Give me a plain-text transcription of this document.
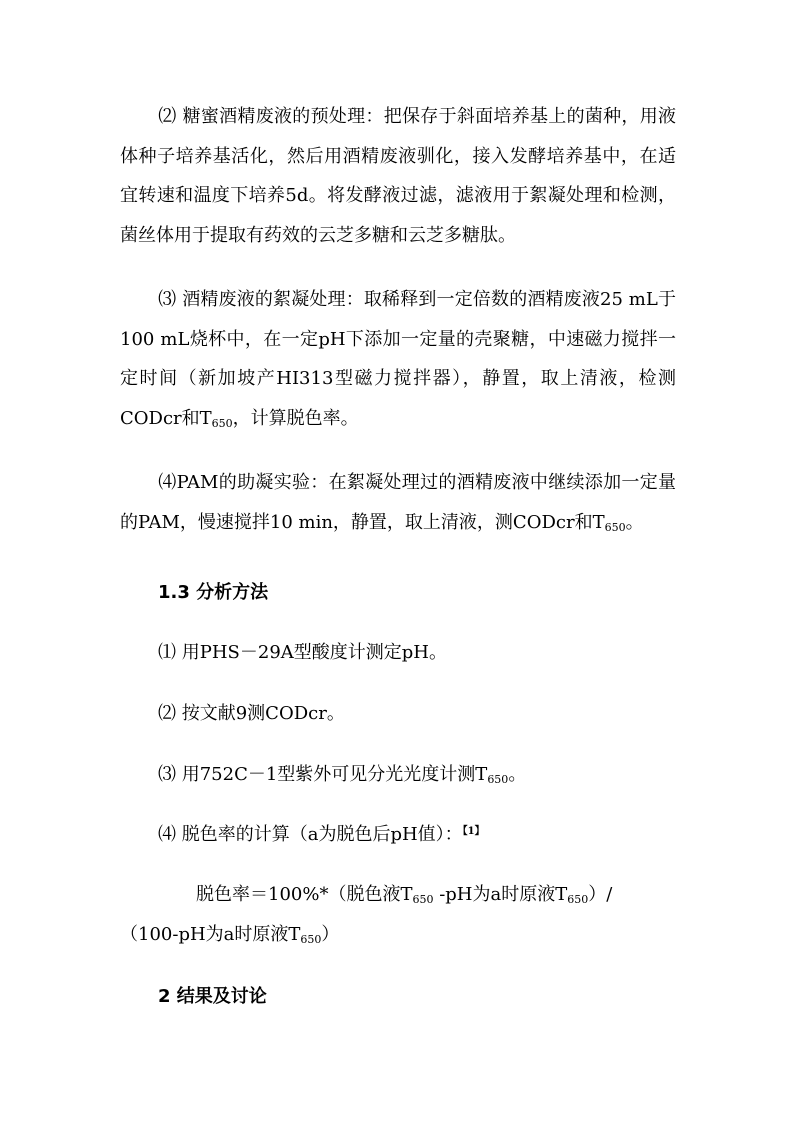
⑵ 糖蜜酒精废液的预处理：把保存于斜面培养基上的菌种，用液体种子培养基活化，然后用酒精废液驯化，接入发酵培养基中，在适宜转速和温度下培养5d。将发酵液过滤，滤液用于絮凝处理和检测，菌丝体用于提取有药效的云芝多糖和云芝多糖肽。

⑶ 酒精废液的絮凝处理：取稀释到一定倍数的酒精废液25 mL于100 mL烧杯中，在一定pH下添加一定量的壳聚糖，中速磁力搅拌一定时间（新加坡产HI313型磁力搅拌器），静置，取上清液，检测CODcr和$T_{650}$，计算脱色率。

⑷PAM的助凝实验：在絮凝处理过的酒精废液中继续添加一定量的PAM，慢速搅拌10 min，静置，取上清液，测CODcr和$T_{650}$。

1.3 分析方法

⑴ 用PHS－29A型酸度计测定pH。

⑵ 按文献9测CODcr。

⑶ 用752C－1型紫外可见分光光度计测$T_{650}$。

⑷ 脱色率的计算（a为脱色后pH值）：$^{【1】}$

脱色率＝100%*（脱色液$T_{650}$ -pH为a时原液$T_{650})/$

（100-pH为a时原液$T_{650}$）

2 结果及讨论
